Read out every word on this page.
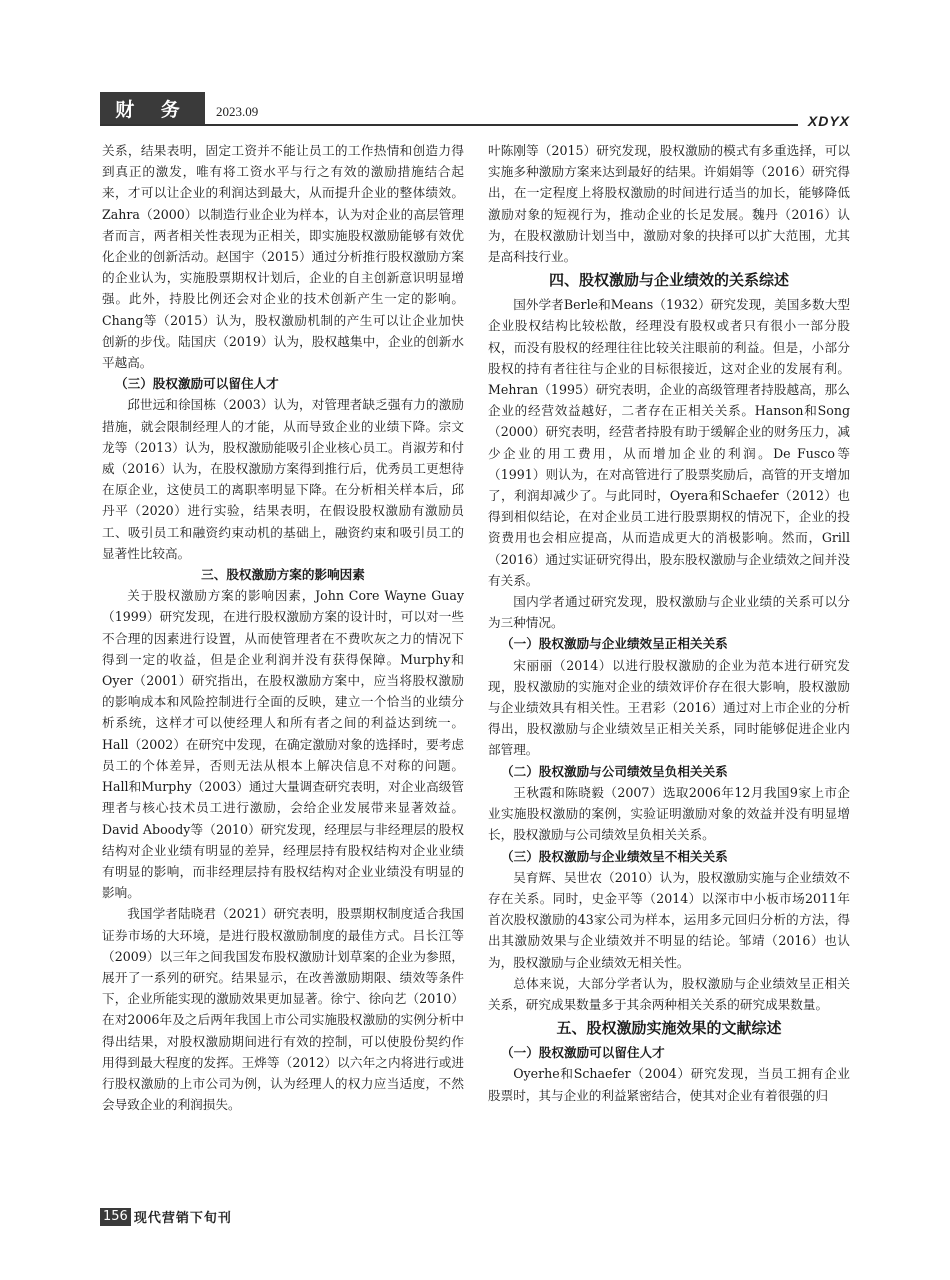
财 务	2023.09
XDYX

关系，结果表明，固定工资并不能让员工的工作热情和创造力得到真正的激发，唯有将工资水平与行之有效的激励措施结合起来，才可以让企业的利润达到最大，从而提升企业的整体绩效。Zahra（2000）以制造行业企业为样本，认为对企业的高层管理者而言，两者相关性表现为正相关，即实施股权激励能够有效优化企业的创新活动。赵国宇（2015）通过分析推行股权激励方案的企业认为，实施股票期权计划后，企业的自主创新意识明显增强。此外，持股比例还会对企业的技术创新产生一定的影响。Chang等（2015）认为，股权激励机制的产生可以让企业加快创新的步伐。陆国庆（2019）认为，股权越集中，企业的创新水平越高。

（三）股权激励可以留住人才

邱世远和徐国栋（2003）认为，对管理者缺乏强有力的激励措施，就会限制经理人的才能，从而导致企业的业绩下降。宗文龙等（2013）认为，股权激励能吸引企业核心员工。肖淑芳和付威（2016）认为，在股权激励方案得到推行后，优秀员工更想待在原企业，这使员工的离职率明显下降。在分析相关样本后，邱丹平（2020）进行实验，结果表明，在假设股权激励有激励员工、吸引员工和融资约束动机的基础上，融资约束和吸引员工的显著性比较高。

三、股权激励方案的影响因素

关于股权激励方案的影响因素，John Core Wayne Guay（1999）研究发现，在进行股权激励方案的设计时，可以对一些不合理的因素进行设置，从而使管理者在不费吹灰之力的情况下得到一定的收益，但是企业利润并没有获得保障。Murphy和Oyer（2001）研究指出，在股权激励方案中，应当将股权激励的影响成本和风险控制进行全面的反映，建立一个恰当的业绩分析系统，这样才可以使经理人和所有者之间的利益达到统一。Hall（2002）在研究中发现，在确定激励对象的选择时，要考虑员工的个体差异，否则无法从根本上解决信息不对称的问题。Hall和Murphy（2003）通过大量调查研究表明，对企业高级管理者与核心技术员工进行激励，会给企业发展带来显著效益。David Aboody等（2010）研究发现，经理层与非经理层的股权结构对企业业绩有明显的差异，经理层持有股权结构对企业业绩有明显的影响，而非经理层持有股权结构对企业业绩没有明显的影响。

我国学者陆晓君（2021）研究表明，股票期权制度适合我国证券市场的大环境，是进行股权激励制度的最佳方式。吕长江等（2009）以三年之间我国发布股权激励计划草案的企业为参照，展开了一系列的研究。结果显示，在改善激励期限、绩效等条件下，企业所能实现的激励效果更加显著。徐宁、徐向艺（2010）在对2006年及之后两年我国上市公司实施股权激励的实例分析中得出结果，对股权激励期间进行有效的控制，可以使股份契约作用得到最大程度的发挥。王烨等（2012）以六年之内将进行或进行股权激励的上市公司为例，认为经理人的权力应当适度，不然会导致企业的利润损失。

叶陈刚等（2015）研究发现，股权激励的模式有多重选择，可以实施多种激励方案来达到最好的结果。许娟娟等（2016）研究得出，在一定程度上将股权激励的时间进行适当的加长，能够降低激励对象的短视行为，推动企业的长足发展。魏丹（2016）认为，在股权激励计划当中，激励对象的抉择可以扩大范围，尤其是高科技行业。

四、股权激励与企业绩效的关系综述

国外学者Berle和Means（1932）研究发现，美国多数大型企业股权结构比较松散，经理没有股权或者只有很小一部分股权，而没有股权的经理往往比较关注眼前的利益。但是，小部分股权的持有者往往与企业的目标很接近，这对企业的发展有利。Mehran（1995）研究表明，企业的高级管理者持股越高，那么企业的经营效益越好，二者存在正相关关系。Hanson和Song（2000）研究表明，经营者持股有助于缓解企业的财务压力，减少企业的用工费用，从而增加企业的利润。De Fusco等（1991）则认为，在对高管进行了股票奖励后，高管的开支增加了，利润却减少了。与此同时，Oyera和Schaefer（2012）也得到相似结论，在对企业员工进行股票期权的情况下，企业的投资费用也会相应提高，从而造成更大的消极影响。然而，Grill（2016）通过实证研究得出，股东股权激励与企业绩效之间并没有关系。

国内学者通过研究发现，股权激励与企业业绩的关系可以分为三种情况。

（一）股权激励与企业绩效呈正相关关系

宋丽丽（2014）以进行股权激励的企业为范本进行研究发现，股权激励的实施对企业的绩效评价存在很大影响，股权激励与企业绩效具有相关性。王君彩（2016）通过对上市企业的分析得出，股权激励与企业绩效呈正相关关系，同时能够促进企业内部管理。

（二）股权激励与公司绩效呈负相关关系

王秋霞和陈晓毅（2007）选取2006年12月我国9家上市企业实施股权激励的案例，实验证明激励对象的效益并没有明显增长，股权激励与公司绩效呈负相关关系。

（三）股权激励与企业绩效呈不相关关系

吴育辉、吴世农（2010）认为，股权激励实施与企业绩效不存在关系。同时，史金平等（2014）以深市中小板市场2011年首次股权激励的43家公司为样本，运用多元回归分析的方法，得出其激励效果与企业绩效并不明显的结论。邹靖（2016）也认为，股权激励与企业绩效无相关性。

总体来说，大部分学者认为，股权激励与企业绩效呈正相关关系，研究成果数量多于其余两种相关关系的研究成果数量。

五、股权激励实施效果的文献综述
（一）股权激励可以留住人才

Oyerhe和Schaefer（2004）研究发现，当员工拥有企业股票时，其与企业的利益紧密结合，使其对企业有着很强的归

156 现代营销下旬刊
